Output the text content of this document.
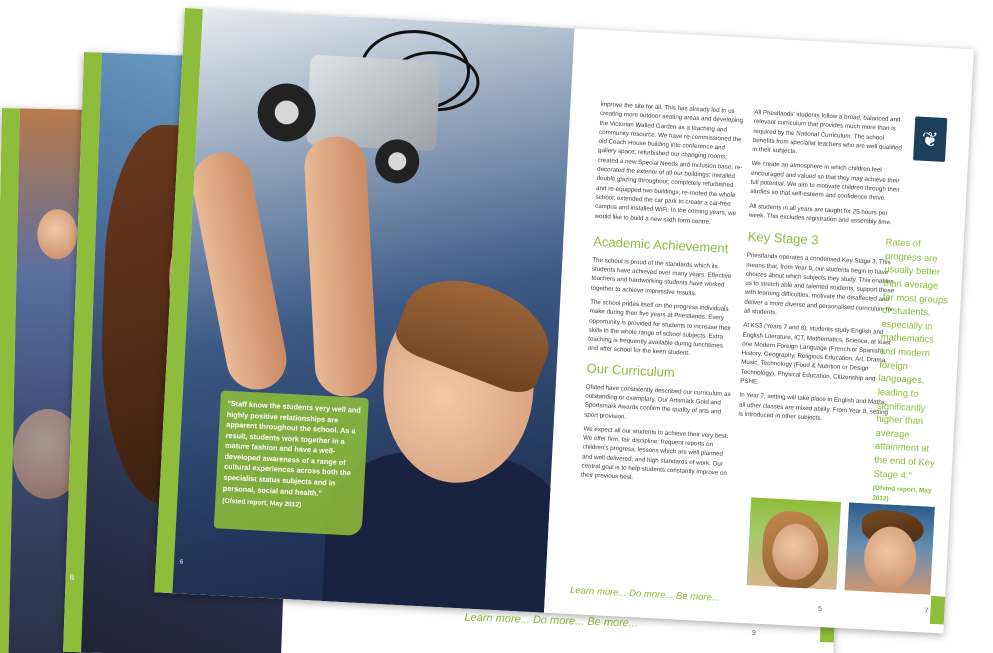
6
Learn more... Do more... Be more...
"Staff know the students very well and highly positive relationships are apparent throughout the school. As a result, students work together in a mature fashion and have a well-developed awareness of a range of cultural experiences across both the specialist status subjects and in personal, social and health."
(Ofsted report, May 2012)
6

improve the site for all. This has already led to us creating more outdoor seating areas and developing the Victorian Walled Garden as a teaching and community resource. We have re-commissioned the old Coach House building into conference and gallery space; refurbished our changing rooms; created a new Special Needs and Inclusion base; re-decorated the exterior of all our buildings; installed double glazing throughout; completely refurbished and re-equipped two buildings; re-roofed the whole school; extended the car park to create a car-free campus and installed WiFi. In the coming years, we would like to build a new sixth form centre.

Academic Achievement

The school is proud of the standards which its students have achieved over many years. Effective teachers and hardworking students have worked together to achieve impressive results.

The school prides itself on the progress individuals make during their five years at Priestlands. Every opportunity is provided for students to increase their skills in the whole range of school subjects. Extra teaching is frequently available during lunchtimes and after school for the keen student.

Our Curriculum

Ofsted have consistently described our curriculum as outstanding or exemplary. Our Artsmark Gold and Sportsmark Awards confirm the quality of arts and sport provision.

We expect all our students to achieve their very best. We offer firm, fair discipline; frequent reports on children's progress; lessons which are well planned and well delivered; and high standards of work. Our central goal is to help students constantly improve on their previous best.

All Priestlands' students follow a broad, balanced and relevant curriculum that provides much more than is required by the National Curriculum. The school benefits from specialist teachers who are well qualified in their subjects.

We create an atmosphere in which children feel encouraged and valued so that they may achieve their full potential. We aim to motivate children through their studies so that self-esteem and confidence thrive.

All students in all years are taught for 25 hours per week. This excludes registration and assembly time.

Key Stage 3

Priestlands operates a condensed Key Stage 3. This means that, from Year 9, our students begin to have choices about which subjects they study. This enables us to stretch able and talented students, support those with learning difficulties, motivate the disaffected and deliver a more diverse and personalised curriculum for all students.

At KS3 (Years 7 and 8), students study English and English Literature, ICT, Mathematics, Science, at least one Modern Foreign Language (French or Spanish), History, Geography, Religious Education, Art, Drama, Music, Technology (Food & Nutrition or Design Technology), Physical Education, Citizenship and PSHE.

In Year 7, setting will take place in English and Maths; all other classes are mixed ability. From Year 8, setting is introduced in other subjects.

❦
Rates of progress are usually better than average for most groups of students, especially in mathematics and modern foreign languages, leading to significantly higher than average attainment at the end of Key Stage 4."
(Ofsted report, May 2012)
Learn more... Do more... Be more...
7
5
9
